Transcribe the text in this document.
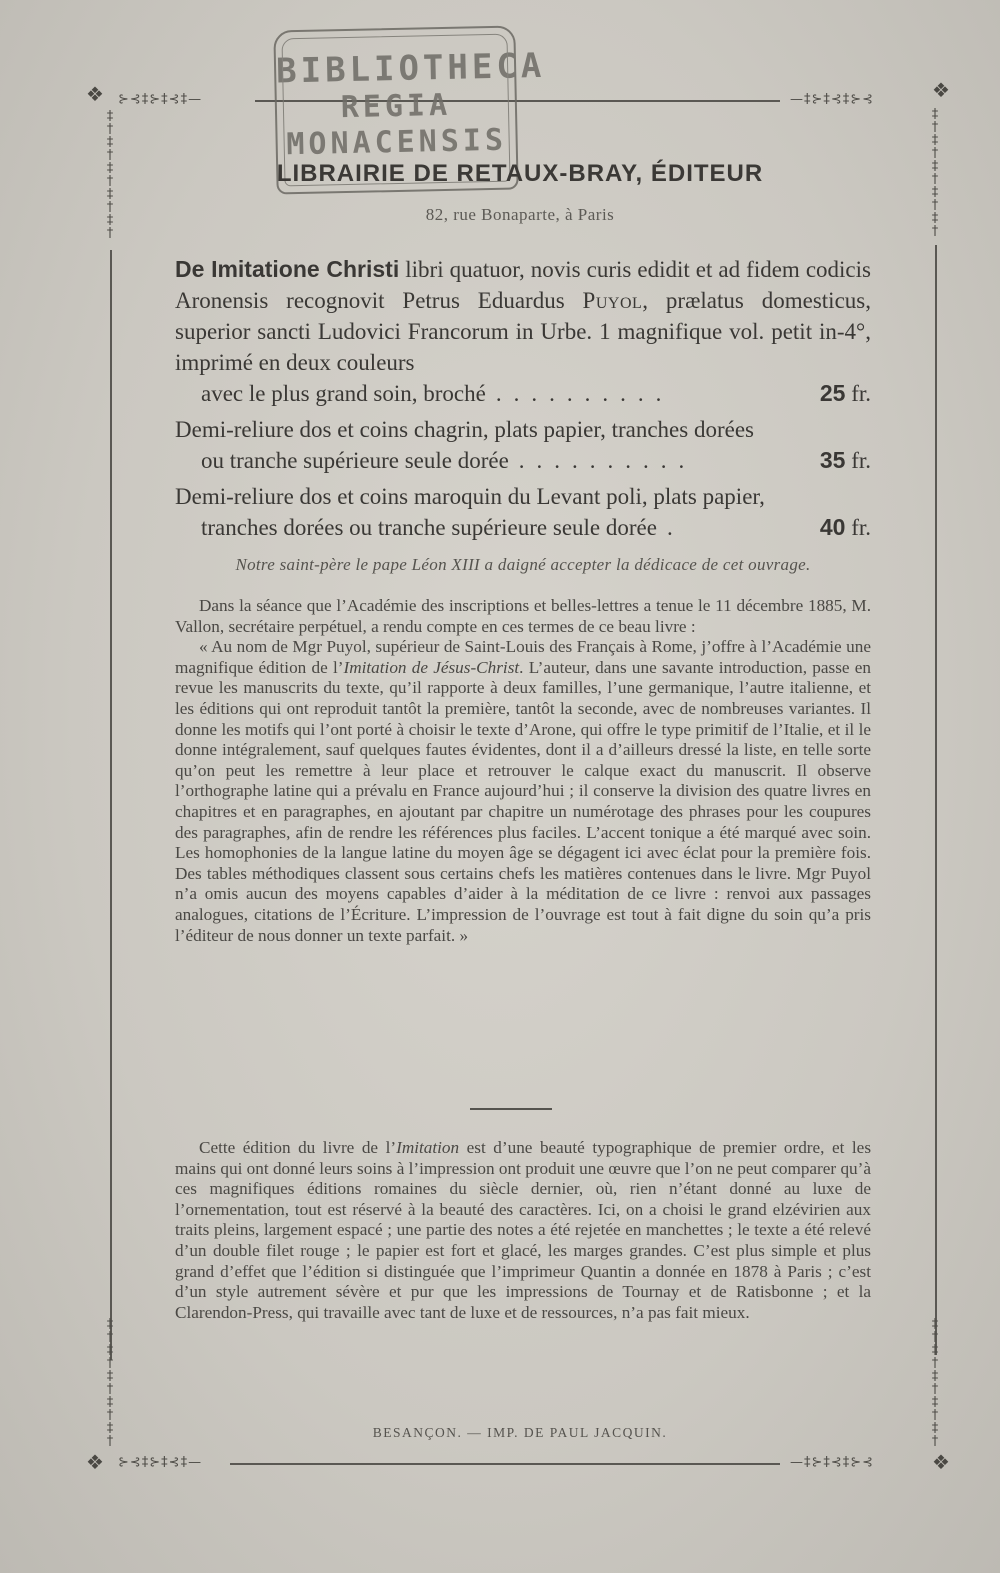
❖	❖
❖	❖
⊱⊰‡⊱‡⊰‡—	—‡⊱‡⊰‡⊱⊰
⊱⊰‡⊱‡⊰‡—	—‡⊱‡⊰‡⊱⊰
‡
†
‡
†
‡
†
‡
†
‡
†
‡
†
‡
†
‡
†
‡
†
‡
†
‡
†
‡
†
‡
†
‡
†
‡
†
‡
†
‡
†
‡
†
‡
†
‡
†
BIBLIOTHECA
REGIA
MONACENSIS
LIBRAIRIE DE RETAUX-BRAY, ÉDITEUR
82, rue Bonaparte, à Paris

De Imitatione Christi libri quatuor, novis curis edidit et ad fidem codicis Aronensis recognovit Petrus Eduardus Puyol, prælatus domesticus, superior sancti Ludovici Francorum in Urbe. 1 magnifique vol. petit in-4°, imprimé en deux couleurs

avec le plus grand soin, broché ..........	25 fr.

Demi-reliure dos et coins chagrin, plats papier, tranches dorées

ou tranche supérieure seule dorée ..........	35 fr.

Demi-reliure dos et coins maroquin du Levant poli, plats papier,

tranches dorées ou tranche supérieure seule dorée .	40 fr.
Notre saint-père le pape Léon XIII a daigné accepter la dédicace de cet ouvrage.

Dans la séance que l’Académie des inscriptions et belles-lettres a tenue le 11 décembre 1885, M. Vallon, secrétaire perpétuel, a rendu compte en ces termes de ce beau livre :

« Au nom de Mgr Puyol, supérieur de Saint-Louis des Français à Rome, j’offre à l’Académie une magnifique édition de l’Imitation de Jésus-Christ. L’auteur, dans une savante introduction, passe en revue les manuscrits du texte, qu’il rapporte à deux familles, l’une germanique, l’autre italienne, et les éditions qui ont reproduit tantôt la première, tantôt la seconde, avec de nombreuses variantes. Il donne les motifs qui l’ont porté à choisir le texte d’Arone, qui offre le type primitif de l’Italie, et il le donne intégralement, sauf quelques fautes évidentes, dont il a d’ailleurs dressé la liste, en telle sorte qu’on peut les remettre à leur place et retrouver le calque exact du manuscrit. Il observe l’orthographe latine qui a prévalu en France aujourd’hui ; il conserve la division des quatre livres en chapitres et en paragraphes, en ajoutant par chapitre un numérotage des phrases pour les coupures des paragraphes, afin de rendre les références plus faciles. L’accent tonique a été marqué avec soin. Les homophonies de la langue latine du moyen âge se dégagent ici avec éclat pour la première fois. Des tables méthodiques classent sous certains chefs les matières contenues dans le livre. Mgr Puyol n’a omis aucun des moyens capables d’aider à la méditation de ce livre : renvoi aux passages analogues, citations de l’Écriture. L’impression de l’ouvrage est tout à fait digne du soin qu’a pris l’éditeur de nous donner un texte parfait. »

Cette édition du livre de l’Imitation est d’une beauté typographique de premier ordre, et les mains qui ont donné leurs soins à l’impression ont produit une œuvre que l’on ne peut comparer qu’à ces magnifiques éditions romaines du siècle dernier, où, rien n’étant donné au luxe de l’ornementation, tout est réservé à la beauté des caractères. Ici, on a choisi le grand elzévirien aux traits pleins, largement espacé ; une partie des notes a été rejetée en manchettes ; le texte a été relevé d’un double filet rouge ; le papier est fort et glacé, les marges grandes. C’est plus simple et plus grand d’effet que l’édition si distinguée que l’imprimeur Quantin a donnée en 1878 à Paris ; c’est d’un style autrement sévère et pur que les impressions de Tournay et de Ratisbonne ; et la Clarendon-Press, qui travaille avec tant de luxe et de ressources, n’a pas fait mieux.

BESANÇON. — IMP. DE PAUL JACQUIN.
